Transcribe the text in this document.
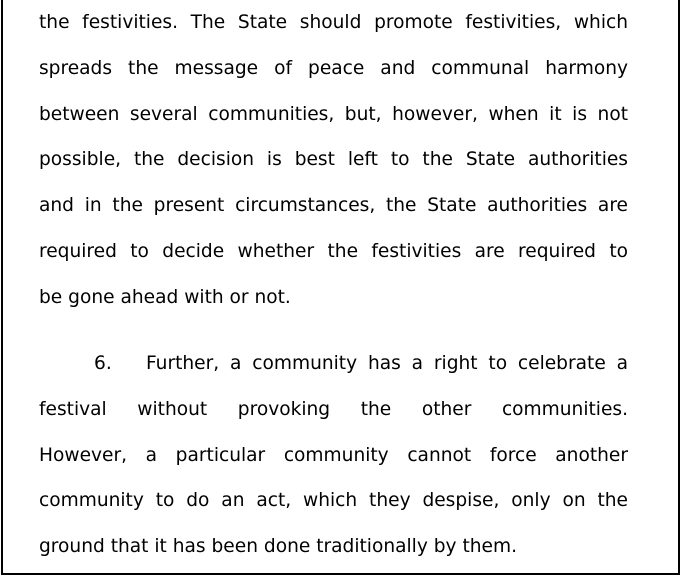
the festivities. The State should promote festivities, which
spreads the message of peace and communal harmony
between several communities, but, however, when it is not
possible, the decision is best left to the State authorities
and in the present circumstances, the State authorities are
required to decide whether the festivities are required to
be gone ahead with or not.
6. Further, a community has a right to celebrate a
festival without provoking the other communities.
However, a particular community cannot force another
community to do an act, which they despise, only on the
ground that it has been done traditionally by them.
